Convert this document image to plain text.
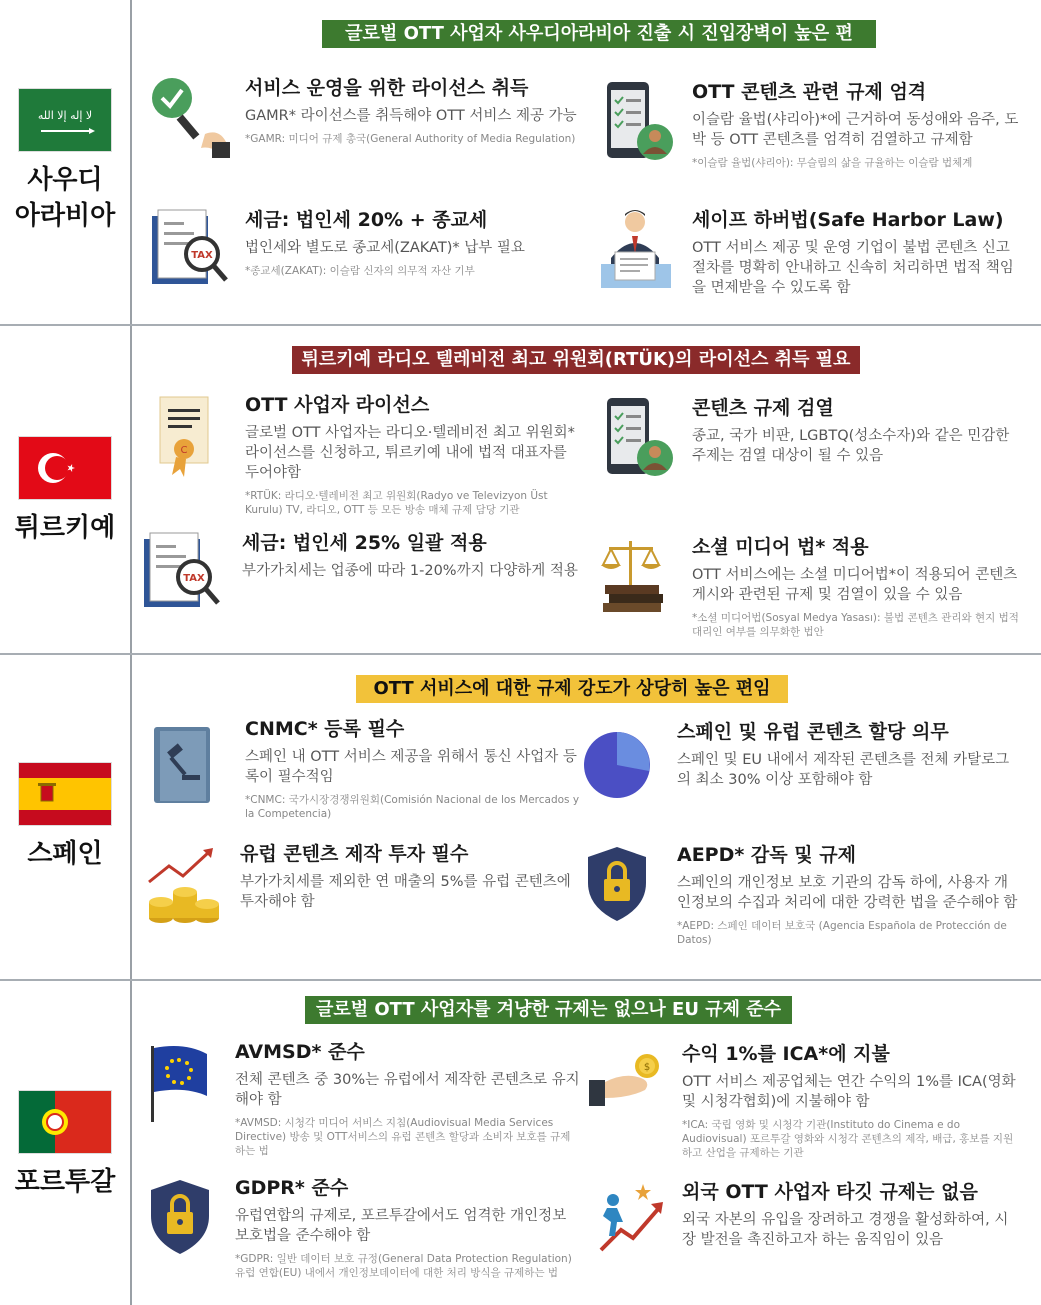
ﻻ ﺇﻟﻪ ﺇﻻ ﺍﻟﻠﻪ
사우디
아라비아
글로벌 OTT 사업자 사우디아라비아 진출 시 진입장벽이 높은 편

서비스 운영을 위한 라이선스 취득

GAMR* 라이선스를 취득해야 OTT 서비스 제공 가능

*GAMR: 미디어 규제 총국(General Authority of Media Regulation)

OTT 콘텐츠 관련 규제 엄격

이슬람 율법(샤리아)*에 근거하여 동성애와 음주, 도박 등 OTT 콘텐츠를 엄격히 검열하고 규제함

*이슬람 율법(샤리아): 무슬림의 삶을 규율하는 이슬람 법체계

TAX

세금: 법인세 20% + 종교세

법인세와 별도로 종교세(ZAKAT)* 납부 필요

*종교세(ZAKAT): 이슬람 신자의 의무적 자산 기부

세이프 하버법(Safe Harbor Law)

OTT 서비스 제공 및 운영 기업이 불법 콘텐츠 신고 절차를 명확히 안내하고 신속히 처리하면 법적 책임을 면제받을 수 있도록 함

튀르키예
튀르키예 라디오 텔레비전 최고 위원회(RTÜK)의 라이선스 취득 필요
C

OTT 사업자 라이선스

글로벌 OTT 사업자는 라디오·텔레비전 최고 위원회* 라이선스를 신청하고, 튀르키예 내에 법적 대표자를 두어야함

*RTÜK: 라디오·텔레비전 최고 위원회(Radyo ve Televizyon Üst Kurulu) TV, 라디오, OTT 등 모든 방송 매체 규제 담당 기관

콘텐츠 규제 검열

종교, 국가 비판, LGBTQ(성소수자)와 같은 민감한 주제는 검열 대상이 될 수 있음

TAX

세금: 법인세 25% 일괄 적용

부가가치세는 업종에 따라 1-20%까지 다양하게 적용

소셜 미디어 법* 적용

OTT 서비스에는 소셜 미디어법*이 적용되어 콘텐츠 게시와 관련된 규제 및 검열이 있을 수 있음

*소셜 미디어법(Sosyal Medya Yasası): 불법 콘텐츠 관리와 현지 법적 대리인 여부를 의무화한 법안

스페인
OTT 서비스에 대한 규제 강도가 상당히 높은 편임

CNMC* 등록 필수

스페인 내 OTT 서비스 제공을 위해서 통신 사업자 등록이 필수적임

*CNMC: 국가시장경쟁위원회(Comisión Nacional de los Mercados y la Competencia)

스페인 및 유럽 콘텐츠 할당 의무

스페인 및 EU 내에서 제작된 콘텐츠를 전체 카탈로그의 최소 30% 이상 포함해야 함

유럽 콘텐츠 제작 투자 필수

부가가치세를 제외한 연 매출의 5%를 유럽 콘텐츠에 투자해야 함

AEPD* 감독 및 규제

스페인의 개인정보 보호 기관의 감독 하에, 사용자 개인정보의 수집과 처리에 대한 강력한 법을 준수해야 함

*AEPD: 스페인 데이터 보호국 (Agencia Española de Protección de Datos)

포르투갈
글로벌 OTT 사업자를 겨냥한 규제는 없으나 EU 규제 준수

AVMSD* 준수

전체 콘텐츠 중 30%는 유럽에서 제작한 콘텐츠로 유지해야 함

*AVMSD: 시청각 미디어 서비스 지침(Audiovisual Media Services Directive) 방송 및 OTT서비스의 유럽 콘텐츠 할당과 소비자 보호를 규제하는 법

$

수익 1%를 ICA*에 지불

OTT 서비스 제공업체는 연간 수익의 1%를 ICA(영화 및 시청각협회)에 지불해야 함

*ICA: 국립 영화 및 시청각 기관(Instituto do Cinema e do Audiovisual) 포르투갈 영화와 시청각 콘텐츠의 제작, 배급, 홍보를 지원하고 산업을 규제하는 기관

GDPR* 준수

유럽연합의 규제로, 포르투갈에서도 엄격한 개인정보보호법을 준수해야 함

*GDPR: 일반 데이터 보호 규정(General Data Protection Regulation) 유럽 연합(EU) 내에서 개인정보데이터에 대한 처리 방식을 규제하는 법

외국 OTT 사업자 타깃 규제는 없음

외국 자본의 유입을 장려하고 경쟁을 활성화하여, 시장 발전을 촉진하고자 하는 움직임이 있음
